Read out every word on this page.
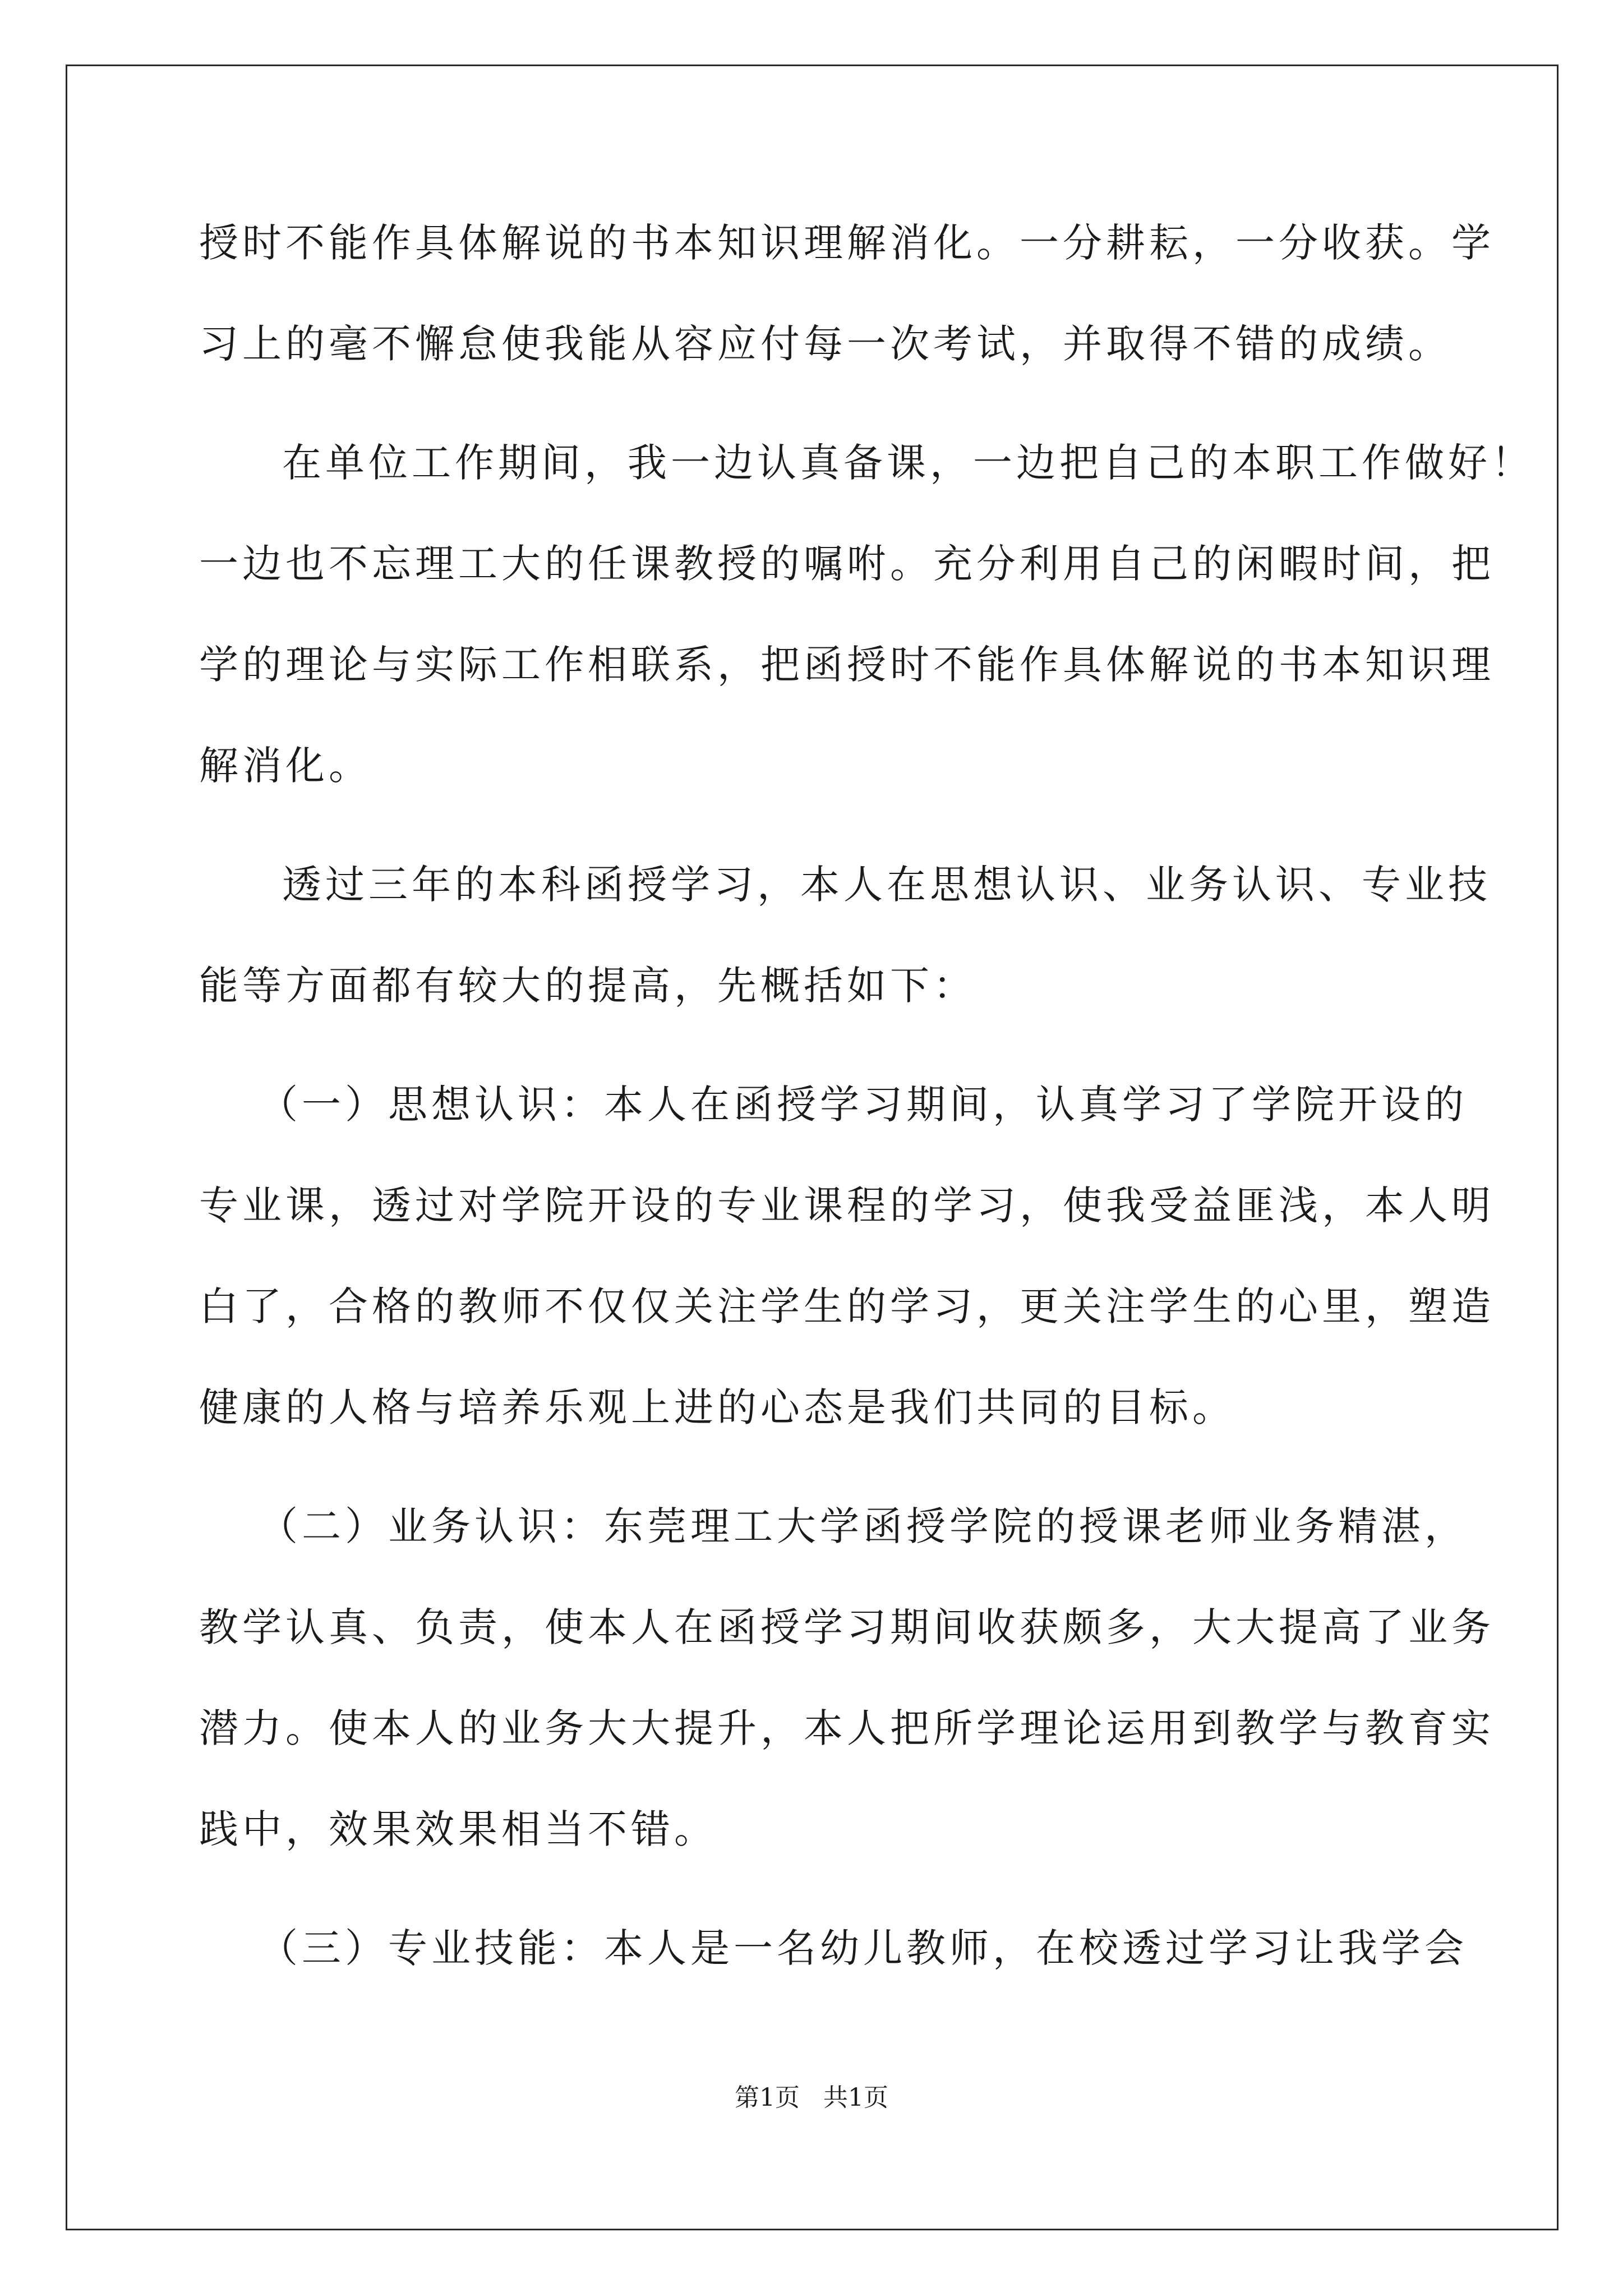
授时不能作具体解说的书本知识理解消化。一分耕耘，一分收获。学
习上的毫不懈怠使我能从容应付每一次考试，并取得不错的成绩。
在单位工作期间，我一边认真备课，一边把自己的本职工作做好！
一边也不忘理工大的任课教授的嘱咐。充分利用自己的闲暇时间，把
学的理论与实际工作相联系，把函授时不能作具体解说的书本知识理
解消化。
透过三年的本科函授学习，本人在思想认识、业务认识、专业技
能等方面都有较大的提高，先概括如下：
（一）思想认识：本人在函授学习期间，认真学习了学院开设的
专业课，透过对学院开设的专业课程的学习，使我受益匪浅，本人明
白了，合格的教师不仅仅关注学生的学习，更关注学生的心里，塑造
健康的人格与培养乐观上进的心态是我们共同的目标。
（二）业务认识：东莞理工大学函授学院的授课老师业务精湛，
教学认真、负责，使本人在函授学习期间收获颇多，大大提高了业务
潜力。使本人的业务大大提升，本人把所学理论运用到教学与教育实
践中，效果效果相当不错。
（三）专业技能：本人是一名幼儿教师，在校透过学习让我学会
第1页   共1页
